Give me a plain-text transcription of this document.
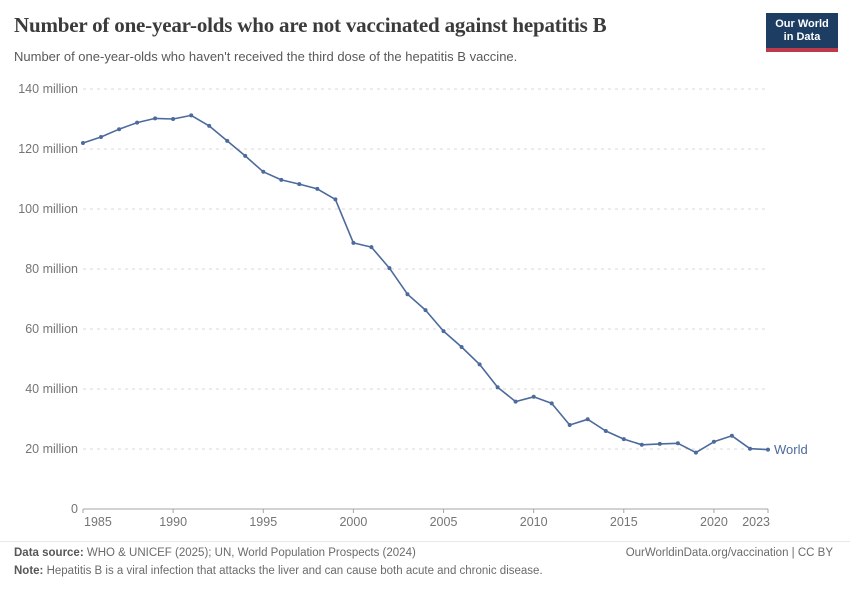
Number of one-year-olds who are not vaccinated against hepatitis B

Number of one-year-olds who haven't received the third dose of the hepatitis B vaccine.

Our World
in Data
0
20 million
40 million
60 million
80 million
100 million
120 million
140 million
1985	1990	1995	2000	2005	2010	2015	2020 2023
World

Data source: WHO & UNICEF (2025); UN, World Population Prospects (2024)	OurWorldinData.org/vaccination | CC BY

Note: Hepatitis B is a viral infection that attacks the liver and can cause both acute and chronic disease.
